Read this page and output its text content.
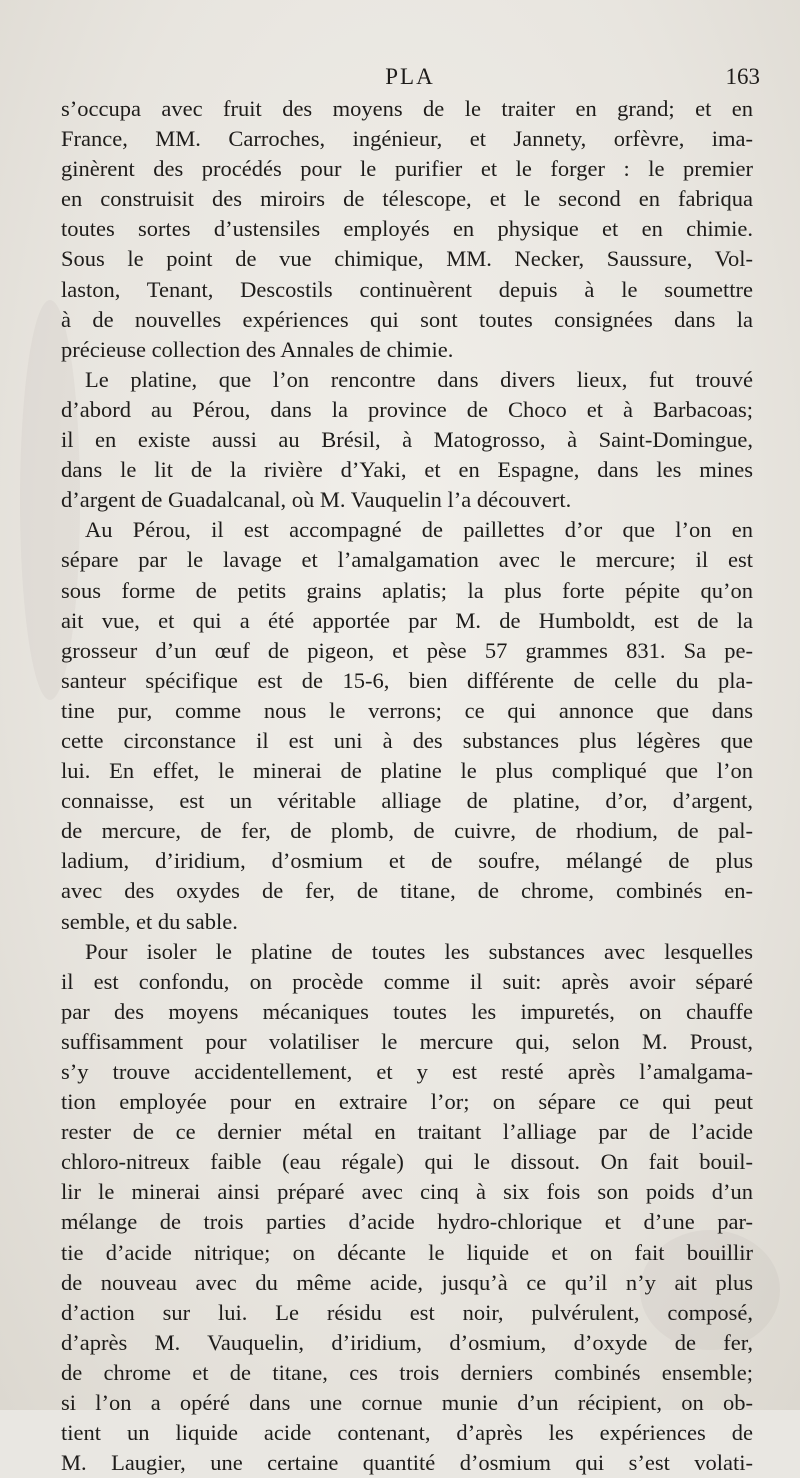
PLA	163
s’occupa avec fruit des moyens de le traiter en grand; et en
France, MM. Carroches, ingénieur, et Jannety, orfèvre, ima-
ginèrent des procédés pour le purifier et le forger : le premier
en construisit des miroirs de télescope, et le second en fabriqua
toutes sortes d’ustensiles employés en physique et en chimie.
Sous le point de vue chimique, MM. Necker, Saussure, Vol-
laston, Tenant, Descostils continuèrent depuis à le soumettre
à de nouvelles expériences qui sont toutes consignées dans la
précieuse collection des Annales de chimie.
Le platine, que l’on rencontre dans divers lieux, fut trouvé
d’abord au Pérou, dans la province de Choco et à Barbacoas;
il en existe aussi au Brésil, à Matogrosso, à Saint-Domingue,
dans le lit de la rivière d’Yaki, et en Espagne, dans les mines
d’argent de Guadalcanal, où M. Vauquelin l’a découvert.
Au Pérou, il est accompagné de paillettes d’or que l’on en
sépare par le lavage et l’amalgamation avec le mercure; il est
sous forme de petits grains aplatis; la plus forte pépite qu’on
ait vue, et qui a été apportée par M. de Humboldt, est de la
grosseur d’un œuf de pigeon, et pèse 57 grammes 831. Sa pe-
santeur spécifique est de 15-6, bien différente de celle du pla-
tine pur, comme nous le verrons; ce qui annonce que dans
cette circonstance il est uni à des substances plus légères que
lui. En effet, le minerai de platine le plus compliqué que l’on
connaisse, est un véritable alliage de platine, d’or, d’argent,
de mercure, de fer, de plomb, de cuivre, de rhodium, de pal-
ladium, d’iridium, d’osmium et de soufre, mélangé de plus
avec des oxydes de fer, de titane, de chrome, combinés en-
semble, et du sable.
Pour isoler le platine de toutes les substances avec lesquelles
il est confondu, on procède comme il suit: après avoir séparé
par des moyens mécaniques toutes les impuretés, on chauffe
suffisamment pour volatiliser le mercure qui, selon M. Proust,
s’y trouve accidentellement, et y est resté après l’amalgama-
tion employée pour en extraire l’or; on sépare ce qui peut
rester de ce dernier métal en traitant l’alliage par de l’acide
chloro-nitreux faible (eau régale) qui le dissout. On fait bouil-
lir le minerai ainsi préparé avec cinq à six fois son poids d’un
mélange de trois parties d’acide hydro-chlorique et d’une par-
tie d’acide nitrique; on décante le liquide et on fait bouillir
de nouveau avec du même acide, jusqu’à ce qu’il n’y ait plus
d’action sur lui. Le résidu est noir, pulvérulent, composé,
d’après M. Vauquelin, d’iridium, d’osmium, d’oxyde de fer,
de chrome et de titane, ces trois derniers combinés ensemble;
si l’on a opéré dans une cornue munie d’un récipient, on ob-
tient un liquide acide contenant, d’après les expériences de
M. Laugier, une certaine quantité d’osmium qui s’est volati-
